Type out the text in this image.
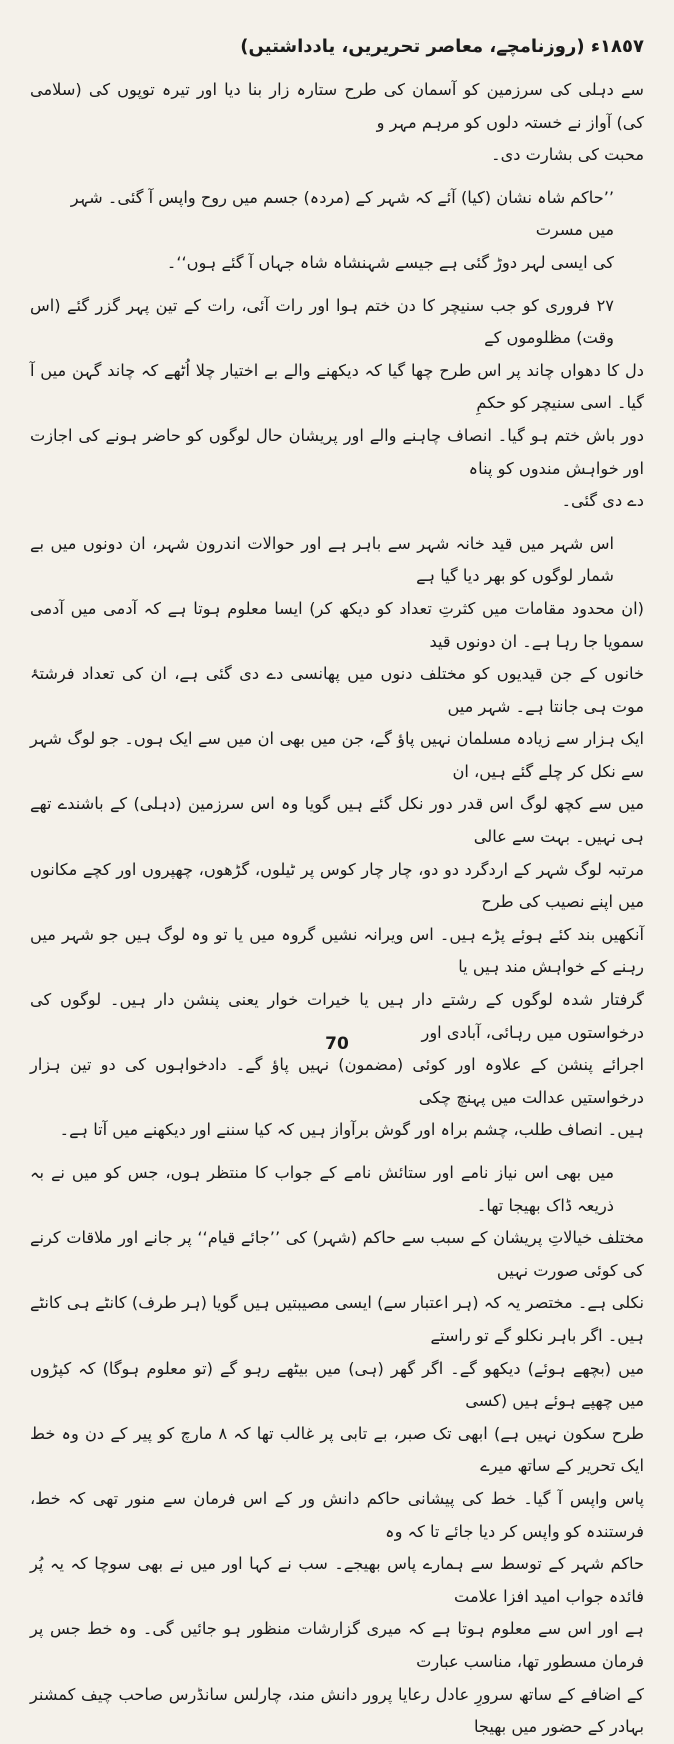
١٨٥٧ء (روزنامچے، معاصر تحریریں، یادداشتیں)
سے دہلی کی سرزمین کو آسمان کی طرح ستارہ زار بنا دیا اور تیرہ توپوں کی (سلامی کی) آواز نے خستہ دلوں کو مرہم مہر و
محبت کی بشارت دی۔
’’حاکم شاہ نشان (کیا) آئے کہ شہر کے (مردہ) جسم میں روح واپس آ گئی۔ شہر میں مسرت
کی ایسی لہر دوڑ گئی ہے جیسے شہنشاہ شاہ جہاں آ گئے ہوں‘‘۔
۲۷ فروری کو جب سنیچر کا دن ختم ہوا اور رات آئی، رات کے تین پہر گزر گئے (اس وقت) مظلوموں کے
دل کا دھواں چاند پر اس طرح چھا گیا کہ دیکھنے والے بے اختیار چلا اُٹھے کہ چاند گہن میں آ گیا۔ اسی سنیچر کو حکمِ
دور باش ختم ہو گیا۔ انصاف چاہنے والے اور پریشان حال لوگوں کو حاضر ہونے کی اجازت اور خواہش مندوں کو پناہ
دے دی گئی۔
اس شہر میں قید خانہ شہر سے باہر ہے اور حوالات اندرون شہر، ان دونوں میں بے شمار لوگوں کو بھر دیا گیا ہے
(ان محدود مقامات میں کثرتِ تعداد کو دیکھ کر) ایسا معلوم ہوتا ہے کہ آدمی میں آدمی سمویا جا رہا ہے۔ ان دونوں قید
خانوں کے جن قیدیوں کو مختلف دنوں میں پھانسی دے دی گئی ہے، ان کی تعداد فرشتۂ موت ہی جانتا ہے۔ شہر میں
ایک ہزار سے زیادہ مسلمان نہیں پاؤ گے، جن میں بھی ان میں سے ایک ہوں۔ جو لوگ شہر سے نکل کر چلے گئے ہیں، ان
میں سے کچھ لوگ اس قدر دور نکل گئے ہیں گویا وہ اس سرزمین (دہلی) کے باشندے تھے ہی نہیں۔ بہت سے عالی
مرتبہ لوگ شہر کے اردگرد دو دو، چار چار کوس پر ٹیلوں، گڑھوں، چھپروں اور کچے مکانوں میں اپنے نصیب کی طرح
آنکھیں بند کئے ہوئے پڑے ہیں۔ اس ویرانہ نشیں گروہ میں یا تو وہ لوگ ہیں جو شہر میں رہنے کے خواہش مند ہیں یا
گرفتار شدہ لوگوں کے رشتے دار ہیں یا خیرات خوار یعنی پنشن دار ہیں۔ لوگوں کی درخواستوں میں رہائی، آبادی اور
اجرائے پنشن کے علاوہ اور کوئی (مضمون) نہیں پاؤ گے۔ دادخواہوں کی دو تین ہزار درخواستیں عدالت میں پہنچ چکی
ہیں۔ انصاف طلب، چشم براہ اور گوش برآواز ہیں کہ کیا سننے اور دیکھنے میں آتا ہے۔
میں بھی اس نیاز نامے اور ستائش نامے کے جواب کا منتظر ہوں، جس کو میں نے بہ ذریعہ ڈاک بھیجا تھا۔
مختلف خیالاتِ پریشان کے سبب سے حاکم (شہر) کی ’’جائے قیام‘‘ پر جانے اور ملاقات کرنے کی کوئی صورت نہیں
نکلی ہے۔ مختصر یہ کہ (ہر اعتبار سے) ایسی مصیبتیں ہیں گویا (ہر طرف) کانٹے ہی کانٹے ہیں۔ اگر باہر نکلو گے تو راستے
میں (بچھے ہوئے) دیکھو گے۔ اگر گھر (ہی) میں بیٹھے رہو گے (تو معلوم ہوگا) کہ کپڑوں میں چھپے ہوئے ہیں (کسی
طرح سکون نہیں ہے) ابھی تک صبر، بے تابی پر غالب تھا کہ ۸ مارچ کو پیر کے دن وہ خط ایک تحریر کے ساتھ میرے
پاس واپس آ گیا۔ خط کی پیشانی حاکم دانش ور کے اس فرمان سے منور تھی کہ خط، فرستندہ کو واپس کر دیا جائے تا کہ وہ
حاکم شہر کے توسط سے ہمارے پاس بھیجے۔ سب نے کہا اور میں نے بھی سوچا کہ یہ پُر فائدہ جواب امید افزا علامت
ہے اور اس سے معلوم ہوتا ہے کہ میری گزارشات منظور ہو جائیں گی۔ وہ خط جس پر فرمان مسطور تھا، مناسب عبارت
کے اضافے کے ساتھ سرورِ عادل رعایا پرور دانش مند، چارلس سانڈرس صاحب چیف کمشنر بہادر کے حضور میں بھیجا
70
